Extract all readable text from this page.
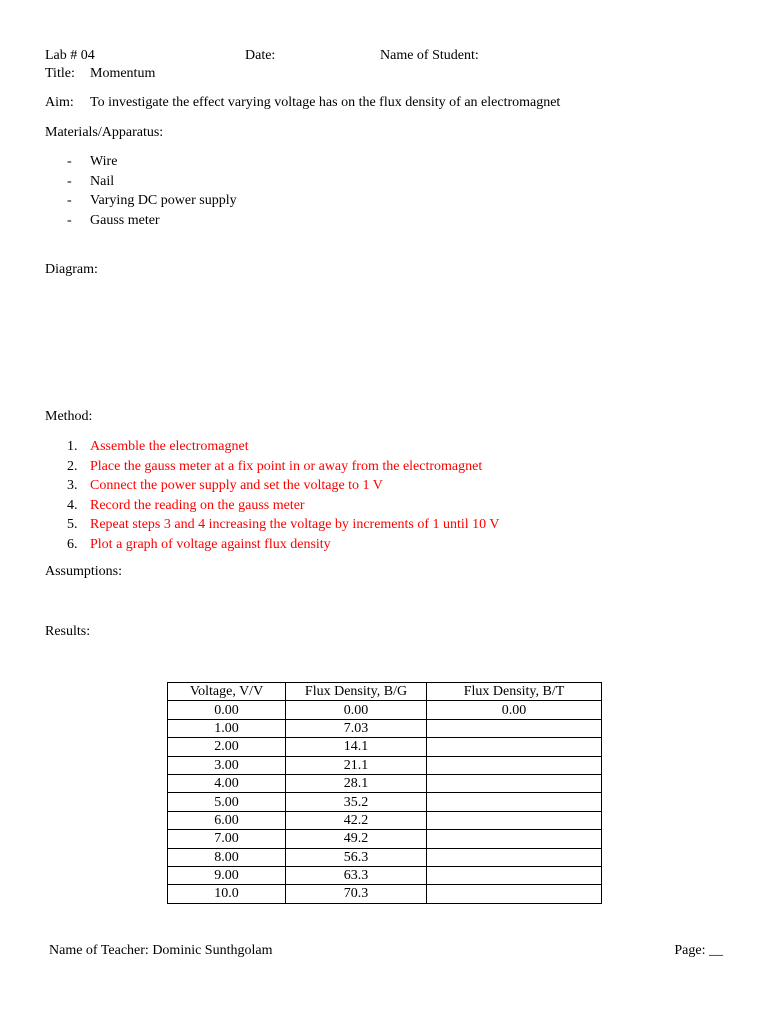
Lab # 04	Date:	Name of Student:
Title: Momentum
Aim: To investigate the effect varying voltage has on the flux density of an electromagnet
Materials/Apparatus:
- Wire
- Nail
- Varying DC power supply
- Gauss meter
Diagram:
Method:
1. Assemble the electromagnet
2. Place the gauss meter at a fix point in or away from the electromagnet
3. Connect the power supply and set the voltage to 1 V
4. Record the reading on the gauss meter
5. Repeat steps 3 and 4 increasing the voltage by increments of 1 until 10 V
6. Plot a graph of voltage against flux density
Assumptions:
Results:
Voltage, V/V	Flux Density, B/G	Flux Density, B/T
0.00	0.00	0.00
1.00	7.03	
2.00	14.1	
3.00	21.1	
4.00	28.1	
5.00	35.2	
6.00	42.2	
7.00	49.2	
8.00	56.3	
9.00	63.3	
10.0	70.3	
Name of Teacher: Dominic Sunthgolam	Page: __
